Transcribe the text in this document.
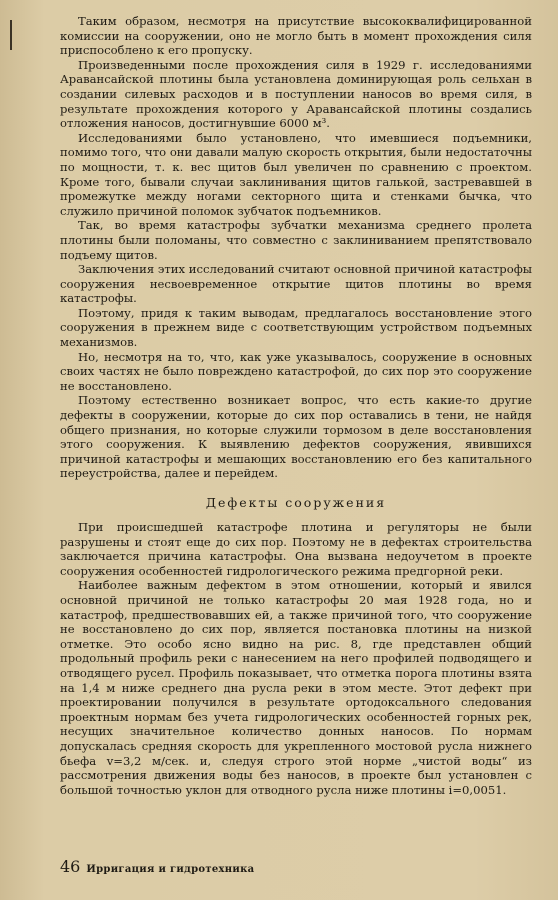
Таким образом, несмотря на присутствие высококвалифицированной комиссии на сооружении, оно не могло быть в момент прохождения силя приспособлено к его пропуску.

Произведенными после прохождения силя в 1929 г. исследованиями Аравансайской плотины была установлена доминирующая роль сельхан в создании силевых расходов и в поступлении наносов во время силя, в результате прохождения которого у Аравансайской плотины создались отложения наносов, достигнувшие 6000 м³.

Исследованиями было установлено, что имевшиеся подъемники, помимо того, что они давали малую скорость открытия, были недостаточны по мощности, т. к. вес щитов был увеличен по сравнению с проектом. Кроме того, бывали случаи заклинивания щитов галькой, застревавшей в промежутке между ногами секторного щита и стенками бычка, что служило причиной поломок зубчаток подъемников.

Так, во время катастрофы зубчатки механизма среднего пролета плотины были поломаны, что совместно с заклиниванием препятствовало подъему щитов.

Заключения этих исследований считают основной причиной катастрофы сооружения несвоевременное открытие щитов плотины во время катастрофы.

Поэтому, придя к таким выводам, предлагалось восстановление этого сооружения в прежнем виде с соответствующим устройством подъемных механизмов.

Но, несмотря на то, что, как уже указывалось, сооружение в основных своих частях не было повреждено катастрофой, до сих пор это сооружение не восстановлено.

Поэтому естественно возникает вопрос, что есть какие-то другие дефекты в сооружении, которые до сих пор оставались в тени, не найдя общего признания, но которые служили тормозом в деле восстановления этого сооружения. К выявлению дефектов сооружения, явившихся причиной катастрофы и мешающих восстановлению его без капитального переустройства, далее и перейдем.

Дефекты сооружения

При происшедшей катастрофе плотина и регуляторы не были разрушены и стоят еще до сих пор. Поэтому не в дефектах строительства заключается причина катастрофы. Она вызвана недоучетом в проекте сооружения особенностей гидрологического режима предгорной реки.

Наиболее важным дефектом в этом отношении, который и явился основной причиной не только катастрофы 20 мая 1928 года, но и катастроф, предшествовавших ей, а также причиной того, что сооружение не восстановлено до сих пор, является постановка плотины на низкой отметке. Это особо ясно видно на рис. 8, где представлен общий продольный профиль реки с нанесением на него профилей подводящего и отводящего русел. Профиль показывает, что отметка порога плотины взята на 1,4 м ниже среднего дна русла реки в этом месте. Этот дефект при проектировании получился в результате ортодоксального следования проектным нормам без учета гидрологических особенностей горных рек, несущих значительное количество донных наносов. По нормам допускалась средняя скорость для укрепленного мостовой русла нижнего бьефа v=3,2 м/сек. и, следуя строго этой норме „чистой воды“ из рассмотрения движения воды без наносов, в проекте был установлен с большой точностью уклон для отводного русла ниже плотины i=0,0051.

46 Ирригация и гидротехника
